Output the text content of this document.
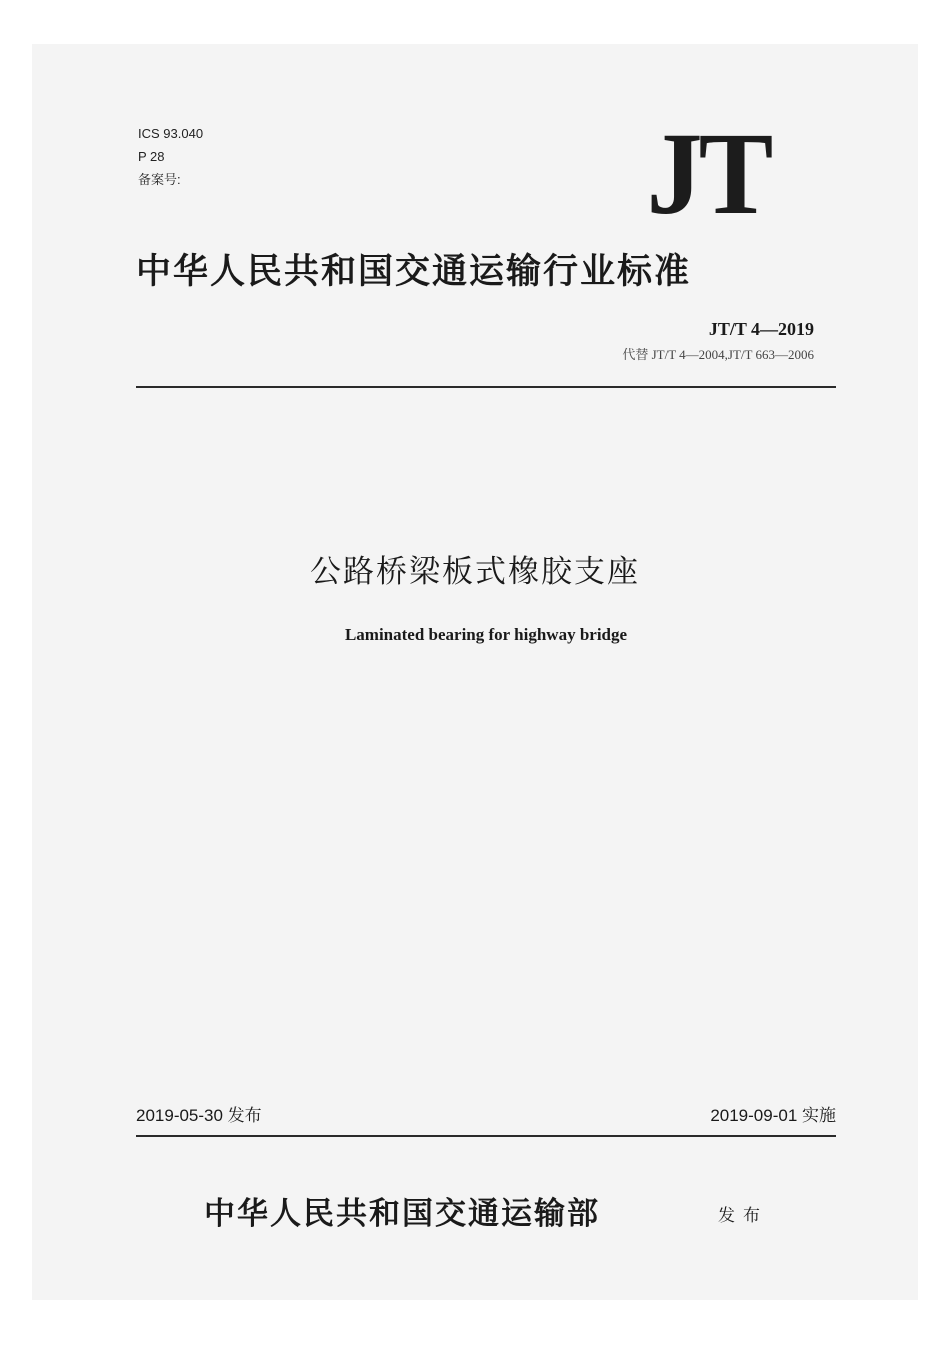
ICS 93.040
P 28
备案号:	JT
中华人民共和国交通运输行业标准
JT/T 4—2019
代替 JT/T 4—2004,JT/T 663—2006
公路桥梁板式橡胶支座
Laminated bearing for highway bridge
2019-05-30 发布	2019-09-01 实施
中华人民共和国交通运输部	发布
